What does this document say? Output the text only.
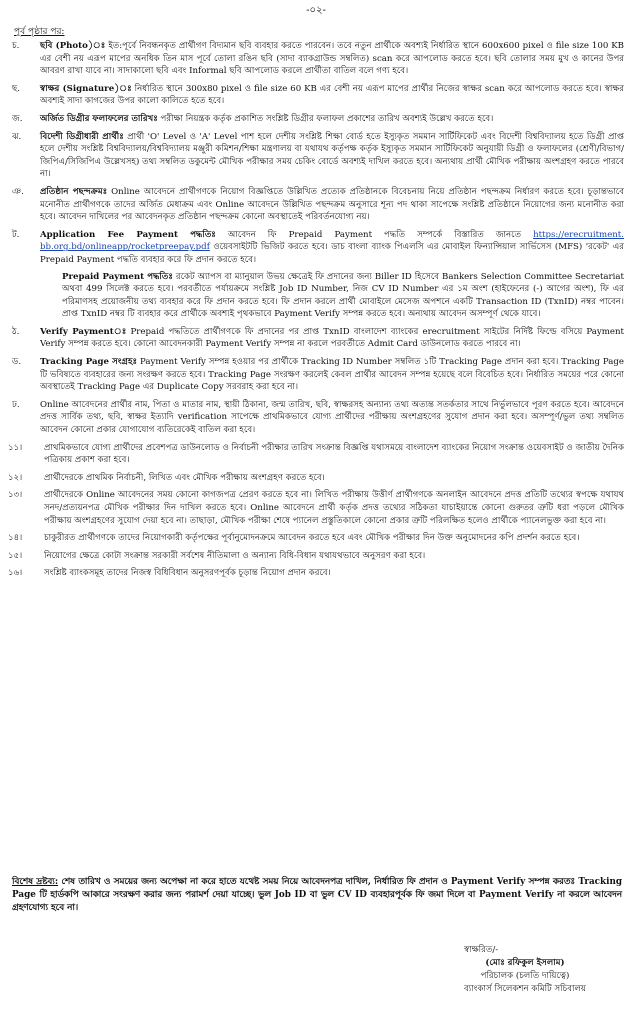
-০২-
পূর্ব পৃষ্ঠার পর:
চ.	ছবি (Photo)ঃ ইত:পূর্বে নিবন্ধনকৃত প্রার্থীগণ বিদ্যমান ছবি ব্যবহার করতে পারবেন। তবে নতুন প্রার্থীকে অবশ্যই নির্ধারিত স্থানে 600x600 pixel ও file size 100 KB এর বেশী নয় এরূপ মাপের অনধিক তিন মাস পূর্বে তোলা রঙিন ছবি (সাদা ব্যাকগ্রাউন্ড সম্বলিত) scan করে আপলোড করতে হবে। ছবি তোলার সময় মুখ ও কানের উপর আবরণ রাখা যাবে না। সাদাকালো ছবি এবং Informal ছবি আপলোড করলে প্রার্থীতা বাতিল বলে গণ্য হবে।
ছ.	স্বাক্ষর (Signature)ঃ নির্ধারিত স্থানে 300x80 pixel ও file size 60 KB এর বেশী নয় এরূপ মাপের প্রার্থীর নিজের স্বাক্ষর scan করে আপলোড করতে হবে। স্বাক্ষর অবশ্যই সাদা কাগজের উপর কালো কালিতে হতে হবে।
জ.	অর্জিত ডিগ্রীর ফলাফলের তারিখঃ পরীক্ষা নিয়ন্ত্রক কর্তৃক প্রকাশিত সংশ্লিষ্ট ডিগ্রীর ফলাফল প্রকাশের তারিখ অবশ্যই উল্লেখ করতে হবে।
ঝ.	বিদেশী ডিগ্রীধারী প্রার্থীঃ প্রার্থী 'O' Level ও 'A' Level পাশ হলে দেশীয় সংশ্লিষ্ট শিক্ষা বোর্ড হতে ইস্যুকৃত সমমান সার্টিফিকেট এবং বিদেশী বিশ্ববিদ্যালয় হতে ডিগ্রী প্রাপ্ত হলে দেশীয় সংশ্লিষ্ট বিশ্ববিদ্যালয়/বিশ্ববিদ্যালয় মঞ্জুরী কমিশন/শিক্ষা মন্ত্রণালয় বা যথাযথ কর্তৃপক্ষ কর্তৃক ইস্যুকৃত সমমান সার্টিফিকেট অনুযায়ী ডিগ্রী ও ফলাফলের (শ্রেণী/বিভাগ/জিপিএ/সিজিপিএ উল্লেখসহ) তথ্য সম্বলিত ডকুমেন্ট মৌখিক পরীক্ষার সময় চেকিং বোর্ডে অবশ্যই দাখিল করতে হবে। অন্যথায় প্রার্থী মৌখিক পরীক্ষায় অংশগ্রহণ করতে পারবে না।
ঞ.	প্রতিষ্ঠান পছন্দক্রমঃ Online আবেদনে প্রার্থীগণকে নিয়োগ বিজ্ঞপ্তিতে উল্লিখিত প্রত্যেক প্রতিষ্ঠানকে বিবেচনায় নিয়ে প্রতিষ্ঠান পছন্দক্রম নির্ধারণ করতে হবে। চূড়ান্তভাবে মনোনীত প্রার্থীগণকে তাদের অর্জিত মেধাক্রম এবং Online আবেদনে উল্লিখিত পছন্দক্রম অনুসারে শূন্য পদ থাকা সাপেক্ষে সংশ্লিষ্ট প্রতিষ্ঠানে নিয়োগের জন্য মনোনীত করা হবে। আবেদন দাখিলের পর আবেদনকৃত প্রতিষ্ঠান পছন্দক্রম কোনো অবস্থাতেই পরিবর্তনযোগ্য নয়।
ট.	Application Fee Payment পদ্ধতিঃ আবেদন ফি Prepaid Payment পদ্ধতি সম্পর্কে বিস্তারিত জানতে https://erecruitment. bb.org.bd/onlineapp/rocketpreepay.pdf ওয়েবসাইটটি ভিজিট করতে হবে। ডাচ বাংলা ব্যাংক পিএলসি এর মোবাইল ফিন্যান্সিয়াল সার্ভিসেস (MFS) 'রকেট' এর Prepaid Payment পদ্ধতি ব্যবহার করে ফি প্রদান করতে হবে।
Prepaid Payment পদ্ধতিঃ রকেট অ্যাপস বা ম্যানুয়াল উভয় ক্ষেত্রেই ফি প্রদানের জন্য Biller ID হিসেবে Bankers Selection Committee Secretariat অথবা 499 সিলেক্ট করতে হবে। পরবর্তীতে পর্যায়ক্রমে সংশ্লিষ্ট Job ID Number, নিজ CV ID Number এর ১ম অংশ (হাইফেনের (-) আগের অংশ), ফি এর পরিমাণসহ প্রয়োজনীয় তথ্য ব্যবহার করে ফি প্রদান করতে হবে। ফি প্রদান করলে প্রার্থী মোবাইলে মেসেজ অপশনে একটি Transaction ID (TxnID) নম্বর পাবেন। প্রাপ্ত TxnID নম্বর টি ব্যবহার করে প্রার্থীকে অবশ্যই পৃথকভাবে Payment Verify সম্পন্ন করতে হবে। অন্যথায় আবেদন অসম্পূর্ণ থেকে যাবে।
ঠ.	Verify Paymentঃ Prepaid পদ্ধতিতে প্রার্থীগণকে ফি প্রদানের পর প্রাপ্ত TxnID বাংলাদেশ ব্যাংকের erecruitment সাইটের নির্দিষ্ট ফিল্ডে বসিয়ে Payment Verify সম্পন্ন করতে হবে। কোনো আবেদনকারী Payment Verify সম্পন্ন না করলে পরবর্তীতে Admit Card ডাউনলোড করতে পারবে না।
ড.	Tracking Page সংগ্রহঃ Payment Verify সম্পন্ন হওয়ার পর প্রার্থীকে Tracking ID Number সম্বলিত ১টি Tracking Page প্রদান করা হবে। Tracking Page টি ভবিষ্যতে ব্যবহারের জন্য সংরক্ষণ করতে হবে। Tracking Page সংরক্ষণ করলেই কেবল প্রার্থীর আবেদন সম্পন্ন হয়েছে বলে বিবেচিত হবে। নির্ধারিত সময়ের পরে কোনো অবস্থাতেই Tracking Page এর Duplicate Copy সরবরাহ করা হবে না।
ঢ.	Online আবেদনের প্রার্থীর নাম, পিতা ও মাতার নাম, স্থায়ী ঠিকানা, জন্ম তারিখ, ছবি, স্বাক্ষরসহ অন্যান্য তথ্য অত্যন্ত সতর্কতার সাথে নির্ভুলভাবে পূরণ করতে হবে। আবেদনে প্রদত্ত সার্বিক তথ্য, ছবি, স্বাক্ষর ইত্যাদি verification সাপেক্ষে প্রাথমিকভাবে যোগ্য প্রার্থীদের পরীক্ষায় অংশগ্রহণের সুযোগ প্রদান করা হবে। অসম্পূর্ণ/ভুল তথ্য সম্বলিত আবেদন কোনো প্রকার যোগাযোগ ব্যতিরেকেই বাতিল করা হবে।
১১।	প্রাথমিকভাবে যোগ্য প্রার্থীদের প্রবেশপত্র ডাউনলোড ও নির্বাচনী পরীক্ষার তারিখ সংক্রান্ত বিজ্ঞপ্তি যথাসময়ে বাংলাদেশ ব্যাংকের নিয়োগ সংক্রান্ত ওয়েবসাইট ও জাতীয় দৈনিক পত্রিকায় প্রকাশ করা হবে।
১২।	প্রার্থীদেরকে প্রাথমিক নির্বাচনী, লিখিত এবং মৌখিক পরীক্ষায় অংশগ্রহণ করতে হবে।
১৩।	প্রার্থীদেরকে Online আবেদনের সময় কোনো কাগজপত্র প্রেরণ করতে হবে না। লিখিত পরীক্ষায় উত্তীর্ণ প্রার্থীগণকে অনলাইন আবেদনে প্রদত্ত প্রতিটি তথ্যের স্বপক্ষে যথাযথ সনদ/প্রত্যয়নপত্র মৌখিক পরীক্ষার দিন দাখিল করতে হবে। Online আবেদনে প্রার্থী কর্তৃক প্রদত্ত তথ্যের সঠিকতা যাচাইয়ান্তে কোনো গুরুতর ত্রুটি ধরা পড়লে মৌখিক পরীক্ষায় অংশগ্রহণের সুযোগ দেয়া হবে না। তাছাড়া, মৌখিক পরীক্ষা শেষে প্যানেল প্রস্তুতিকালে কোনো প্রকার ত্রুটি পরিলক্ষিত হলেও প্রার্থীকে প্যানেলভুক্ত করা হবে না।
১৪।	চাকুরীরত প্রার্থীগণকে তাদের নিয়োগকারী কর্তৃপক্ষের পূর্বানুমোদনক্রমে আবেদন করতে হবে এবং মৌখিক পরীক্ষার দিন উক্ত অনুমোদনের কপি প্রদর্শন করতে হবে।
১৫।	নিয়োগের ক্ষেত্রে কোটা সংক্রান্ত সরকারী সর্বশেষ নীতিমালা ও অন্যান্য বিধি-বিধান যথাযথভাবে অনুসরণ করা হবে।
১৬।	সংশ্লিষ্ট ব্যাংকসমূহ তাদের নিজস্ব বিধিবিধান অনুসরণপূর্বক চূড়ান্ত নিয়োগ প্রদান করবে।
বিশেষ দ্রষ্টব্য: শেষ তারিখ ও সময়ের জন্য অপেক্ষা না করে হাতে যথেষ্ট সময় নিয়ে আবেদনপত্র দাখিল, নির্ধারিত ফি প্রদান ও Payment Verify সম্পন্ন করতঃ Tracking Page টি হার্ডকপি আকারে সংরক্ষণ করার জন্য পরামর্শ দেয়া যাচ্ছে। ভুল Job ID বা ভুল CV ID ব্যবহারপূর্বক ফি জমা দিলে বা Payment Verify না করলে আবেদন গ্রহণযোগ্য হবে না।
স্বাক্ষরিত/-
(মোঃ রফিকুল ইসলাম)
পরিচালক (চলতি দায়িত্বে)
ব্যাংকার্স সিলেকশন কমিটি সচিবালয়
